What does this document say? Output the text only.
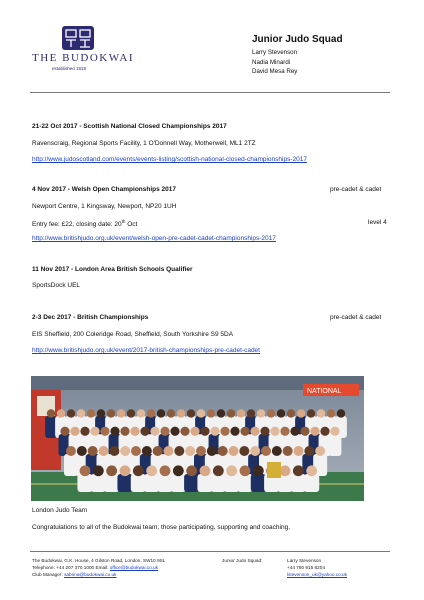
THE BUDOKWAI
established 1918
Junior Judo Squad
Larry Stevenson
Nadia Minardi
David Mesa Rey
21-22 Oct 2017 - Scottish National Closed Championships 2017
Ravenscraig, Regional Sports Facility, 1 O'Donnell Way, Motherwell, ML1 2TZ
http://www.judoscotland.com/events/events-listing/scottish-national-closed-championships-2017
4 Nov 2017 - Welsh Open Championships 2017	pre-cadet & cadet
Newport Centre, 1 Kingsway, Newport, NP20 1UH
Entry fee: £22, closing date: 20th Oct	level 4
http://www.britishjudo.org.uk/event/welsh-open-pre-cadet-cadet-championships-2017
11 Nov 2017 - London Area British Schools Qualifier
SportsDock UEL
2-3 Dec 2017 - British Championships	pre-cadet & cadet
EIS Sheffield, 200 Coleridge Road, Sheffield, South Yorkshire S9 5DA
http://www.britishjudo.org.uk/event/2017-british-championships-pre-cadet-cadet
NATIONAL
London Judo Team
Congratulations to all of the Budokwai team; those participating, supporting and coaching.
The Budokwai, G.K. House, 4 Gilston Road, London, SW10 9SL
Telephone: +44 207 370 1000 Email: office@budokwai.co.uk
Club Manager: sabrina@budokwai.co.uk
Junior Judo Squad:	Larry Stevenson
+44 780 915 8204
lstevenson_uk@yahoo.co.uk
